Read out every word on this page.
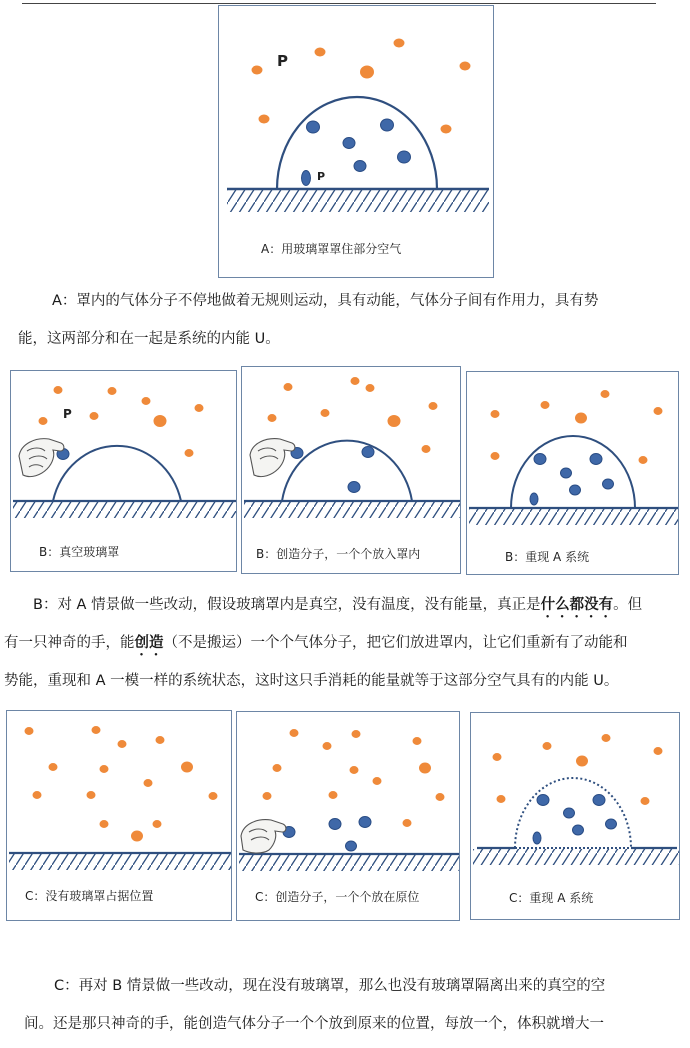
P
P
A：用玻璃罩罩住部分空气
A：罩内的气体分子不停地做着无规则运动，具有动能，气体分子间有作用力，具有势
能，这两部分和在一起是系统的内能 U。
P
B：真空玻璃罩	B：创造分子，一个个放入罩内	B：重现 A 系统
B：对 A 情景做一些改动，假设玻璃罩内是真空，没有温度，没有能量，真正是什么都没有。但
有一只神奇的手，能创造（不是搬运）一个个气体分子，把它们放进罩内，让它们重新有了动能和
势能，重现和 A 一模一样的系统状态，这时这只手消耗的能量就等于这部分空气具有的内能 U。
C：没有玻璃罩占据位置	C：创造分子，一个个放在原位	C：重现 A 系统
C：再对 B 情景做一些改动，现在没有玻璃罩，那么也没有玻璃罩隔离出来的真空的空
间。还是那只神奇的手，能创造气体分子一个个放到原来的位置，每放一个，体积就增大一
